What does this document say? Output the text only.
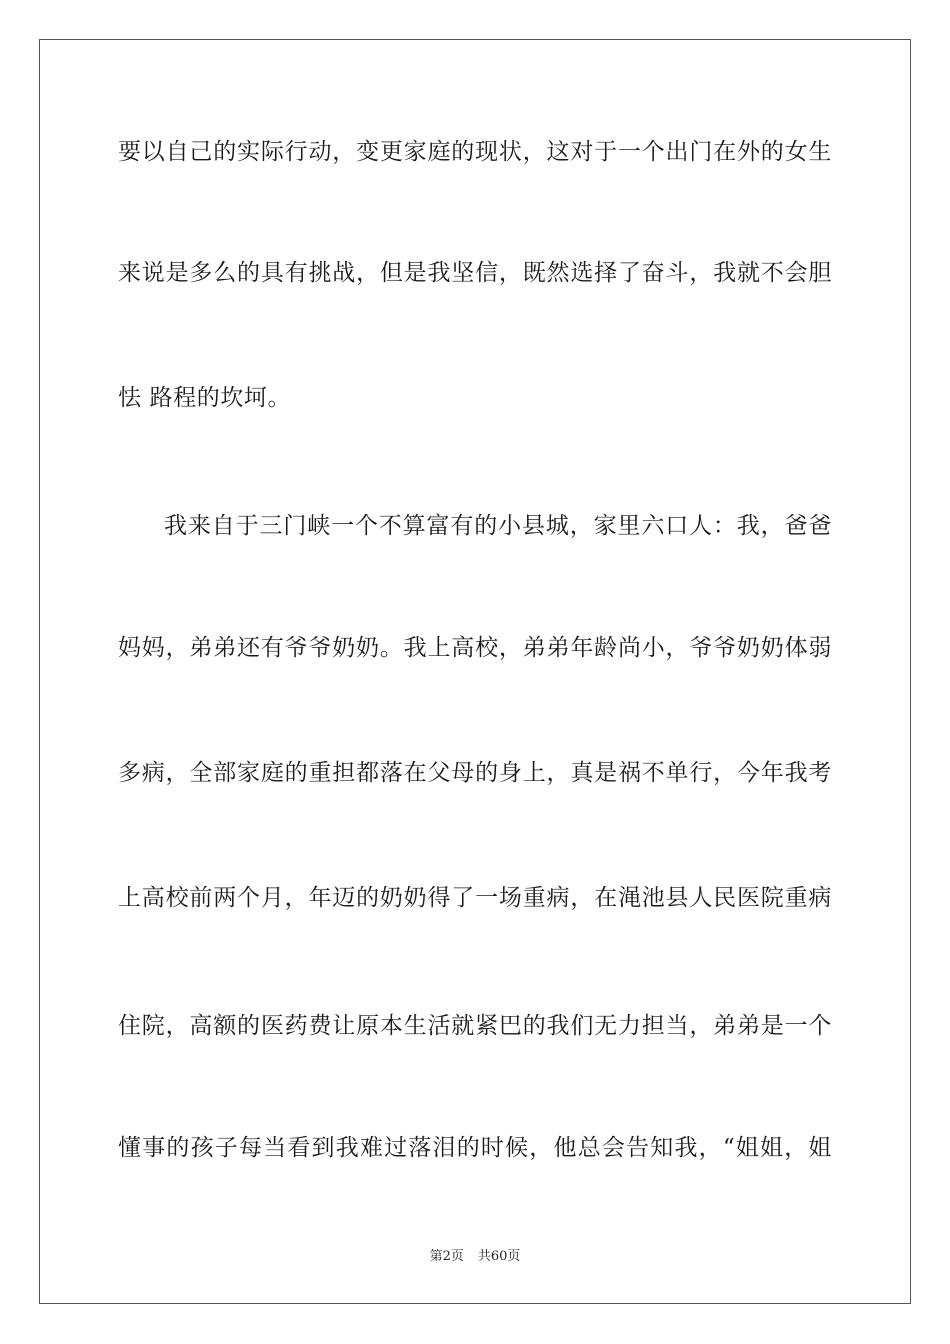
要以自己的实际行动，变更家庭的现状，这对于一个出门在外的女生
来说是多么的具有挑战，但是我坚信，既然选择了奋斗，我就不会胆
怯 路程的坎坷。
我来自于三门峡一个不算富有的小县城，家里六口人：我，爸爸
妈妈，弟弟还有爷爷奶奶。我上高校，弟弟年龄尚小，爷爷奶奶体弱
多病，全部家庭的重担都落在父母的身上，真是祸不单行，今年我考
上高校前两个月，年迈的奶奶得了一场重病，在渑池县人民医院重病
住院，高额的医药费让原本生活就紧巴的我们无力担当，弟弟是一个
懂事的孩子每当看到我难过落泪的时候，他总会告知我，“姐姐，姐
第2页 共60页
